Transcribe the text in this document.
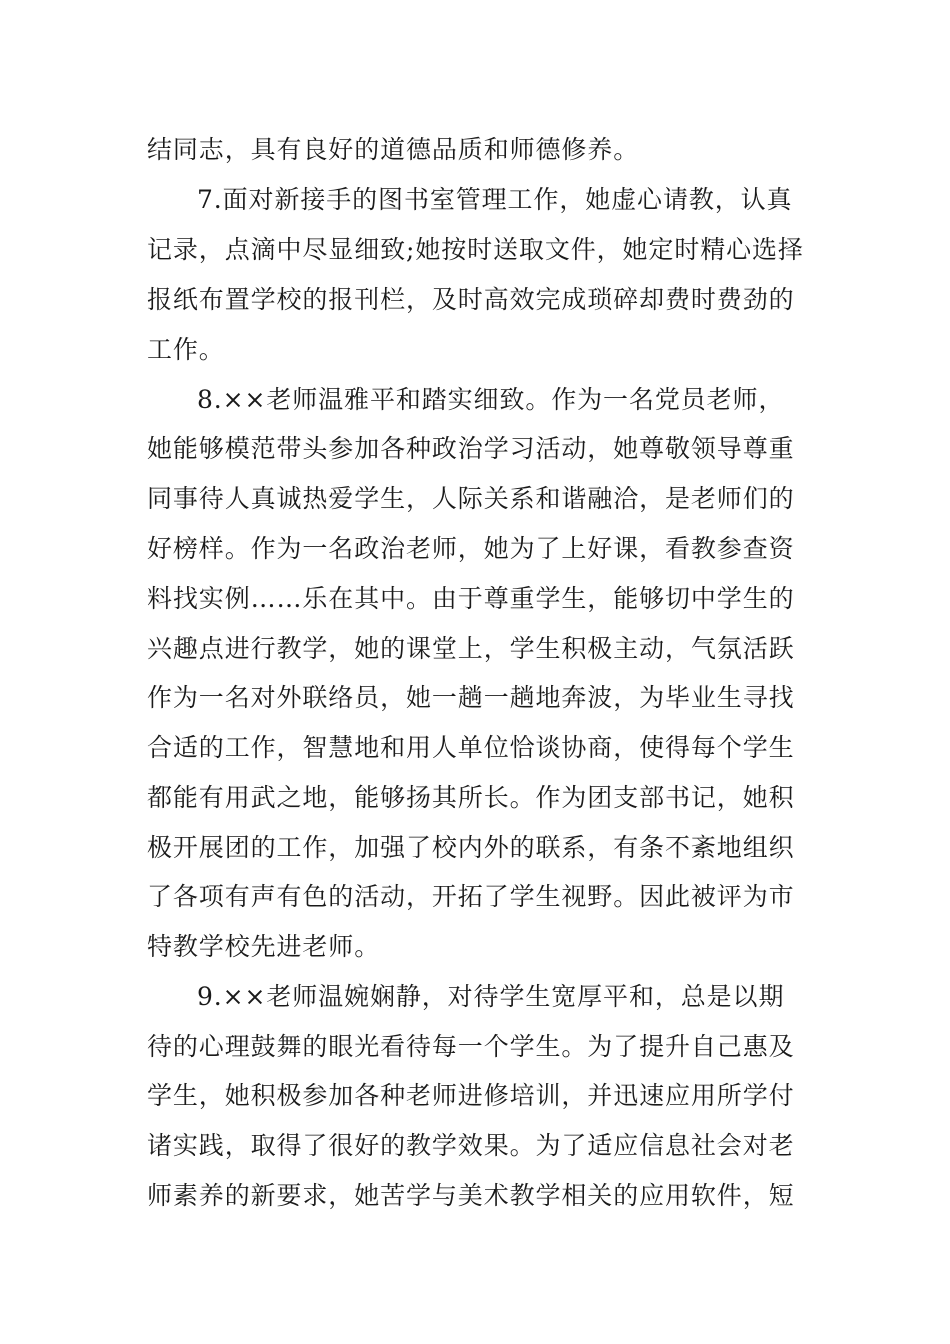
结同志，具有良好的道德品质和师德修养。
7.面对新接手的图书室管理工作，她虚心请教，认真
记录，点滴中尽显细致;她按时送取文件，她定时精心选择
报纸布置学校的报刊栏，及时高效完成琐碎却费时费劲的
工作。
8.××老师温雅平和踏实细致。作为一名党员老师，
她能够模范带头参加各种政治学习活动，她尊敬领导尊重
同事待人真诚热爱学生，人际关系和谐融洽，是老师们的
好榜样。作为一名政治老师，她为了上好课，看教参查资
料找实例……乐在其中。由于尊重学生，能够切中学生的
兴趣点进行教学，她的课堂上，学生积极主动，气氛活跃
作为一名对外联络员，她一趟一趟地奔波，为毕业生寻找
合适的工作，智慧地和用人单位恰谈协商，使得每个学生
都能有用武之地，能够扬其所长。作为团支部书记，她积
极开展团的工作，加强了校内外的联系，有条不紊地组织
了各项有声有色的活动，开拓了学生视野。因此被评为市
特教学校先进老师。
9.××老师温婉娴静，对待学生宽厚平和，总是以期
待的心理鼓舞的眼光看待每一个学生。为了提升自己惠及
学生，她积极参加各种老师进修培训，并迅速应用所学付
诸实践，取得了很好的教学效果。为了适应信息社会对老
师素养的新要求，她苦学与美术教学相关的应用软件，短
